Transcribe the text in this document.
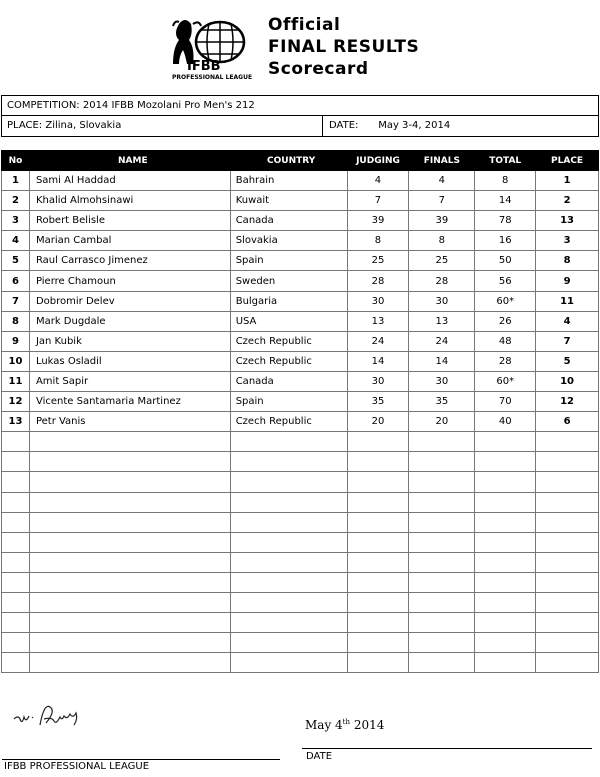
IFBB
PROFESSIONAL LEAGUE
Official
FINAL RESULTS
Scorecard
COMPETITION: 2014 IFBB Mozolani Pro Men's 212
PLACE: Zilina, Slovakia	DATE: May 3-4, 2014
No	NAME	COUNTRY	JUDGING	FINALS	TOTAL	PLACE
1	Sami Al Haddad	Bahrain	4	4	8	1
2	Khalid Almohsinawi	Kuwait	7	7	14	2
3	Robert Belisle	Canada	39	39	78	13
4	Marian Cambal	Slovakia	8	8	16	3
5	Raul Carrasco Jimenez	Spain	25	25	50	8
6	Pierre Chamoun	Sweden	28	28	56	9
7	Dobromir Delev	Bulgaria	30	30	60*	11
8	Mark Dugdale	USA	13	13	26	4
9	Jan Kubik	Czech Republic	24	24	48	7
10	Lukas Osladil	Czech Republic	14	14	28	5
11	Amit Sapir	Canada	30	30	60*	10
12	Vicente Santamaria Martinez	Spain	35	35	70	12
13	Petr Vanis	Czech Republic	20	20	40	6

W. Pomey.
IFBB PROFESSIONAL LEAGUE
May 4th 2014
DATE
